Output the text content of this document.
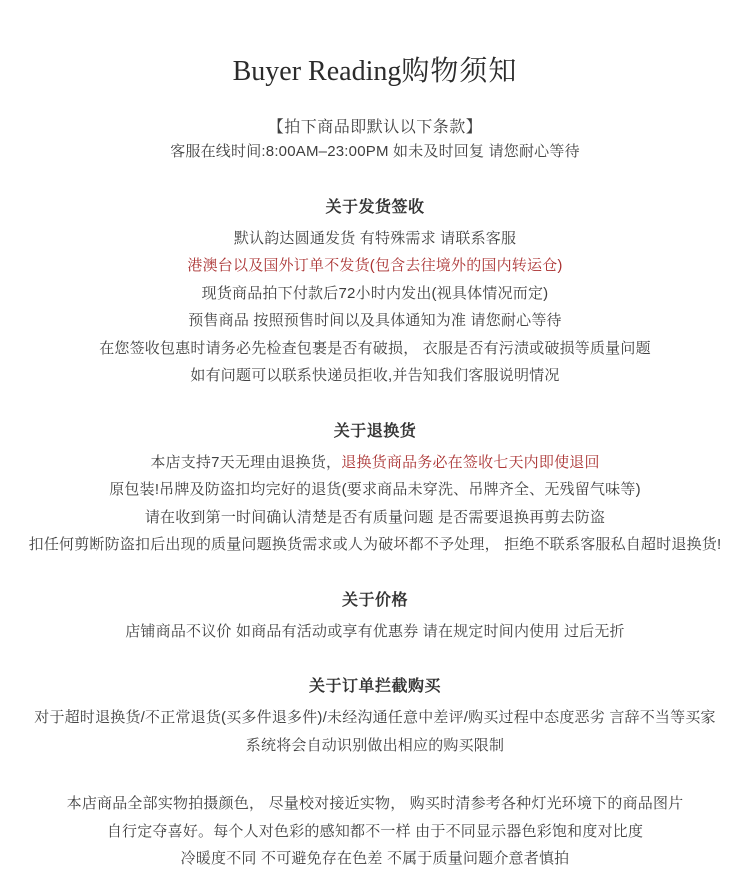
Buyer Reading购物须知

【拍下商品即默认以下条款】

客服在线时间:8:00AM–23:00PM 如未及时回复 请您耐心等待

关于发货签收

默认韵达圆通发货 有特殊需求 请联系客服

港澳台以及国外订单不发货(包含去往境外的国内转运仓)

现货商品拍下付款后72小时内发出(视具体情况而定)

预售商品 按照预售时间以及具体通知为准 请您耐心等待

在您签收包惠时请务必先检查包裹是否有破损， 衣服是否有污渍或破损等质量问题

如有问题可以联系快递员拒收,并告知我们客服说明情况

关于退换货

本店支持7天无理由退换货，退换货商品务必在签收七天内即使退回

原包装!吊牌及防盗扣均完好的退货(要求商品未穿洗、吊牌齐全、无残留气味等)

请在收到第一时间确认清楚是否有质量问题 是否需要退换再剪去防盗

扣任何剪断防盗扣后出现的质量问题换货需求或人为破坏都不予处理， 拒绝不联系客服私自超时退换货!

关于价格

店铺商品不议价 如商品有活动或享有优惠券 请在规定时间内使用 过后无折

关于订单拦截购买

对于超时退换货/不正常退货(买多件退多件)/未经沟通任意中差评/购买过程中态度恶劣 言辞不当等买家

系统将会自动识别做出相应的购买限制

本店商品全部实物拍摄颜色， 尽量校对接近实物， 购买时清参考各种灯光环境下的商品图片

自行定夺喜好。每个人对色彩的感知都不一样 由于不同显示器色彩饱和度对比度

冷暖度不同 不可避免存在色差 不属于质量问题介意者慎拍
